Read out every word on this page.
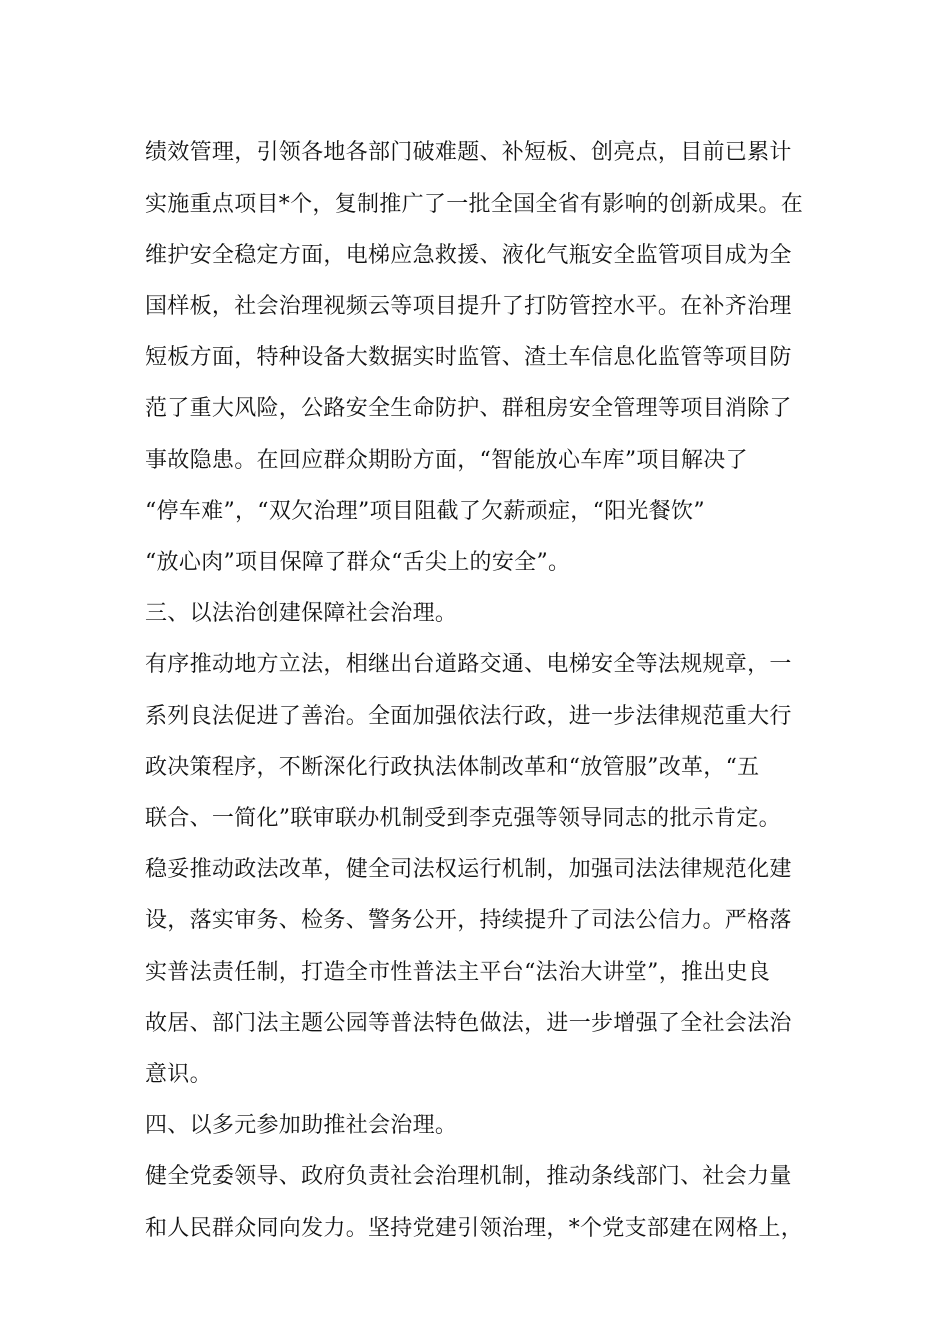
绩效管理，引领各地各部门破难题、补短板、创亮点，目前已累计
实施重点项目*个，复制推广了一批全国全省有影响的创新成果。在
维护安全稳定方面，电梯应急救援、液化气瓶安全监管项目成为全
国样板，社会治理视频云等项目提升了打防管控水平。在补齐治理
短板方面，特种设备大数据实时监管、渣土车信息化监管等项目防
范了重大风险，公路安全生命防护、群租房安全管理等项目消除了
事故隐患。在回应群众期盼方面，“智能放心车库”项目解决了
“停车难”，“双欠治理”项目阻截了欠薪顽症，“阳光餐饮”
“放心肉”项目保障了群众“舌尖上的安全”。
三、以法治创建保障社会治理。
有序推动地方立法，相继出台道路交通、电梯安全等法规规章，一
系列良法促进了善治。全面加强依法行政，进一步法律规范重大行
政决策程序，不断深化行政执法体制改革和“放管服”改革，“五
联合、一简化”联审联办机制受到李克强等领导同志的批示肯定。
稳妥推动政法改革，健全司法权运行机制，加强司法法律规范化建
设，落实审务、检务、警务公开，持续提升了司法公信力。严格落
实普法责任制，打造全市性普法主平台“法治大讲堂”，推出史良
故居、部门法主题公园等普法特色做法，进一步增强了全社会法治
意识。
四、以多元参加助推社会治理。
健全党委领导、政府负责社会治理机制，推动条线部门、社会力量
和人民群众同向发力。坚持党建引领治理，*个党支部建在网格上，
